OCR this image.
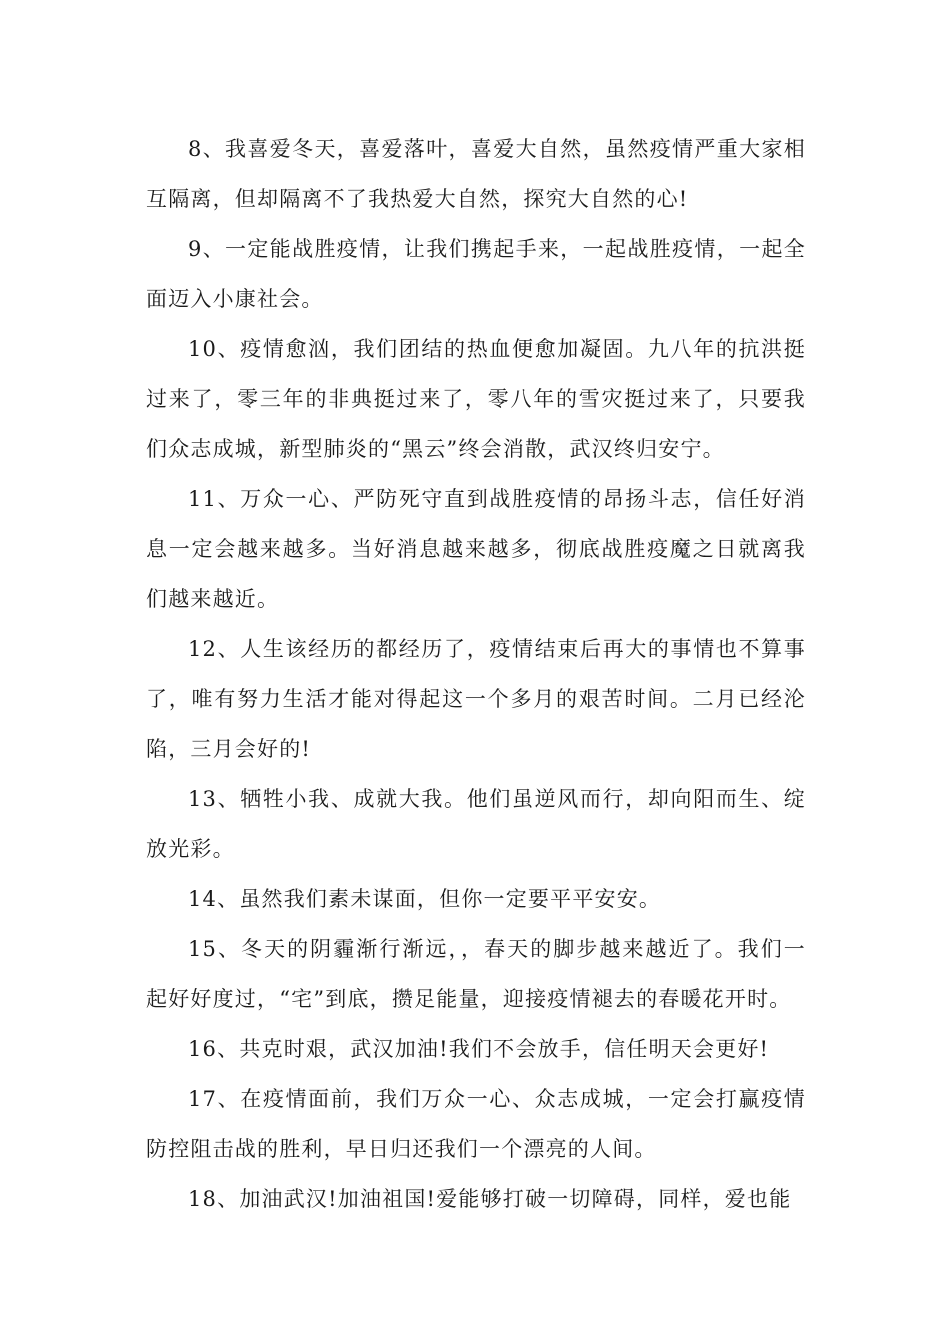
8、我喜爱冬天，喜爱落叶，喜爱大自然，虽然疫情严重大家相互隔离，但却隔离不了我热爱大自然，探究大自然的心!

9、一定能战胜疫情，让我们携起手来，一起战胜疫情，一起全面迈入小康社会。

10、疫情愈汹，我们团结的热血便愈加凝固。九八年的抗洪挺过来了，零三年的非典挺过来了，零八年的雪灾挺过来了，只要我们众志成城，新型肺炎的“黑云”终会消散，武汉终归安宁。

11、万众一心、严防死守直到战胜疫情的昂扬斗志，信任好消息一定会越来越多。当好消息越来越多，彻底战胜疫魔之日就离我们越来越近。

12、人生该经历的都经历了，疫情结束后再大的事情也不算事了，唯有努力生活才能对得起这一个多月的艰苦时间。二月已经沦陷，三月会好的!

13、牺牲小我、成就大我。他们虽逆风而行，却向阳而生、绽放光彩。

14、虽然我们素未谋面，但你一定要平平安安。

15、冬天的阴霾渐行渐远，，春天的脚步越来越近了。我们一起好好度过，“宅”到底，攒足能量，迎接疫情褪去的春暖花开时。

16、共克时艰，武汉加油!我们不会放手，信任明天会更好!

17、在疫情面前，我们万众一心、众志成城，一定会打赢疫情防控阻击战的胜利，早日归还我们一个漂亮的人间。

18、加油武汉!加油祖国!爱能够打破一切障碍，同样，爱也能
